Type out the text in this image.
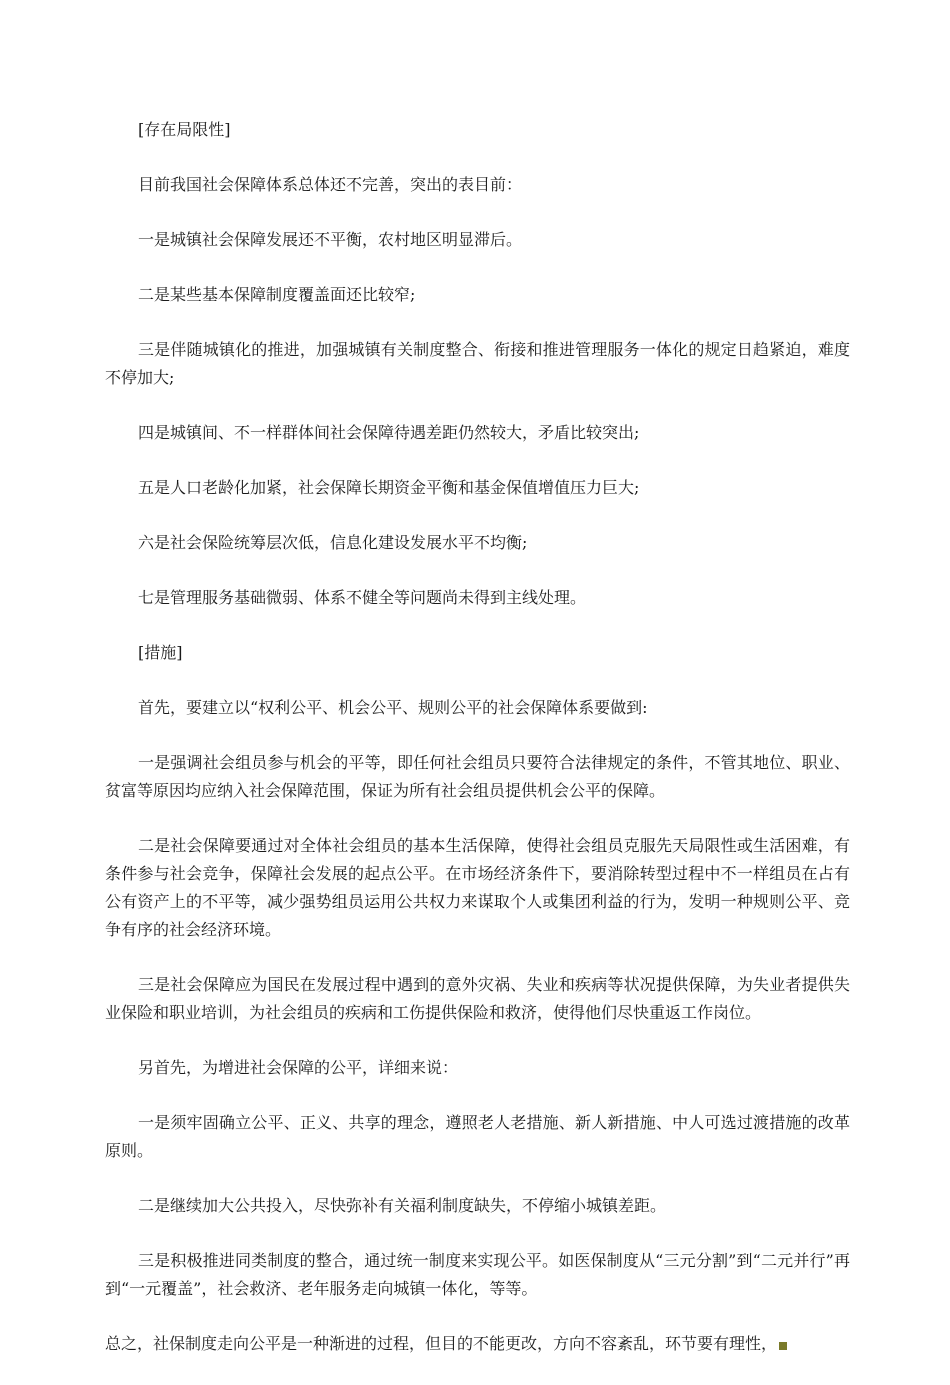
[存在局限性]

目前我国社会保障体系总体还不完善，突出的表目前：

一是城镇社会保障发展还不平衡，农村地区明显滞后。

二是某些基本保障制度覆盖面还比较窄;

三是伴随城镇化的推进，加强城镇有关制度整合、衔接和推进管理服务一体化的规定日趋紧迫，难度不停加大;

四是城镇间、不一样群体间社会保障待遇差距仍然较大，矛盾比较突出;

五是人口老龄化加紧，社会保障长期资金平衡和基金保值增值压力巨大;

六是社会保险统筹层次低，信息化建设发展水平不均衡;

七是管理服务基础微弱、体系不健全等问题尚未得到主线处理。

[措施]

首先，要建立以“权利公平、机会公平、规则公平的社会保障体系要做到:

一是强调社会组员参与机会的平等，即任何社会组员只要符合法律规定的条件，不管其地位、职业、贫富等原因均应纳入社会保障范围，保证为所有社会组员提供机会公平的保障。

二是社会保障要通过对全体社会组员的基本生活保障，使得社会组员克服先天局限性或生活困难，有条件参与社会竞争，保障社会发展的起点公平。在市场经济条件下，要消除转型过程中不一样组员在占有公有资产上的不平等，减少强势组员运用公共权力来谋取个人或集团利益的行为，发明一种规则公平、竞争有序的社会经济环境。

三是社会保障应为国民在发展过程中遇到的意外灾祸、失业和疾病等状况提供保障，为失业者提供失业保险和职业培训，为社会组员的疾病和工伤提供保险和救济，使得他们尽快重返工作岗位。

另首先，为增进社会保障的公平，详细来说：

一是须牢固确立公平、正义、共享的理念，遵照老人老措施、新人新措施、中人可选过渡措施的改革原则。

二是继续加大公共投入，尽快弥补有关福利制度缺失，不停缩小城镇差距。

三是积极推进同类制度的整合，通过统一制度来实现公平。如医保制度从“三元分割”到“二元并行”再到“一元覆盖”，社会救济、老年服务走向城镇一体化，等等。

总之，社保制度走向公平是一种渐进的过程，但目的不能更改，方向不容紊乱，环节要有理性，
